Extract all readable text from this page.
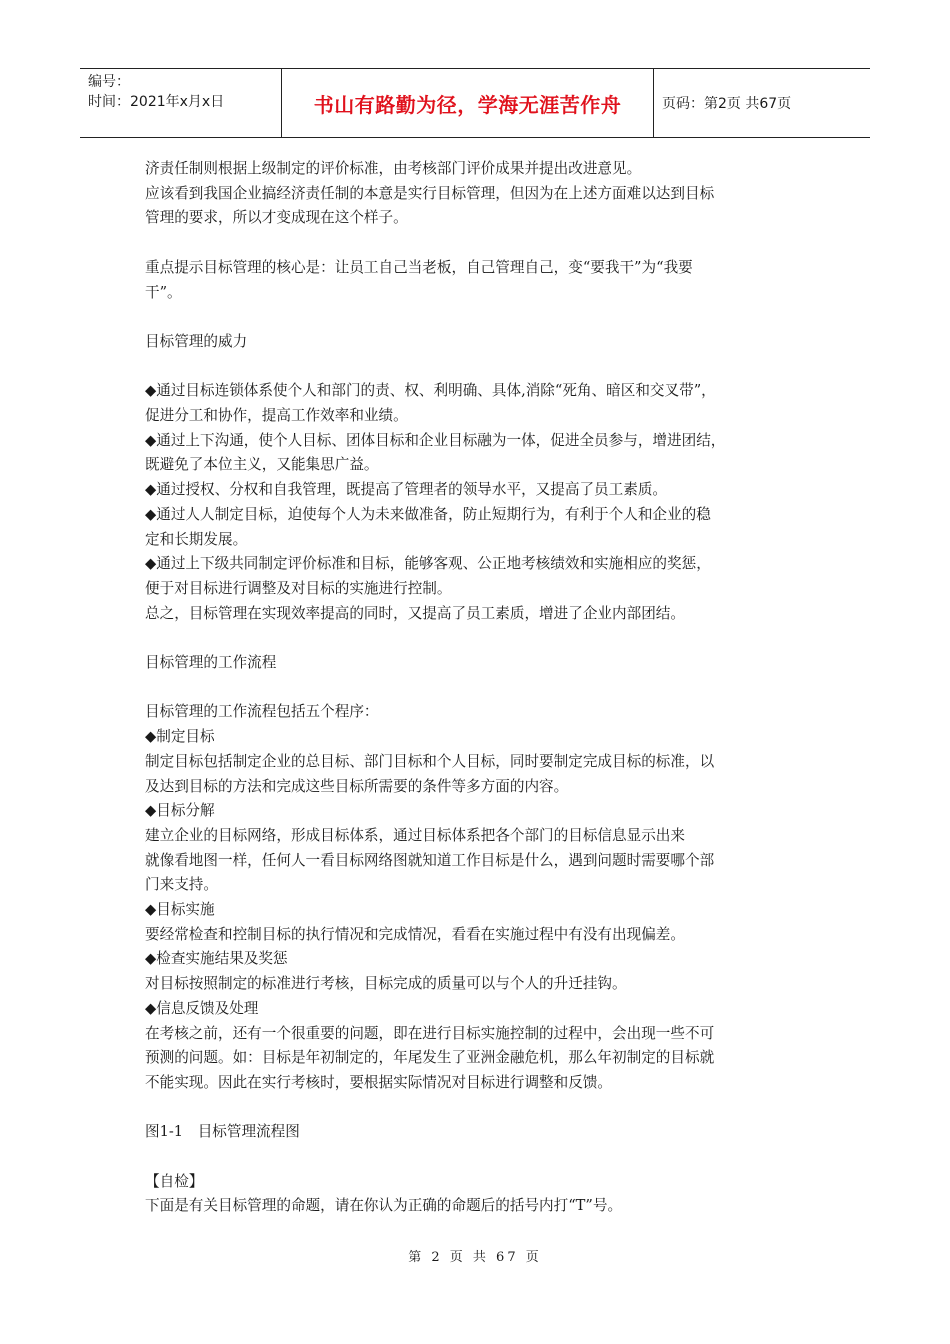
编号：
时间：2021年x月x日	书山有路勤为径，学海无涯苦作舟	页码：第2页 共67页

济责任制则根据上级制定的评价标准，由考核部门评价成果并提出改进意见。

应该看到我国企业搞经济责任制的本意是实行目标管理，但因为在上述方面难以达到目标

管理的要求，所以才变成现在这个样子。

重点提示目标管理的核心是：让员工自己当老板，自己管理自己，变“要我干”为“我要

干”。

目标管理的威力

◆通过目标连锁体系使个人和部门的责、权、利明确、具体,消除“死角、暗区和交叉带”，

促进分工和协作，提高工作效率和业绩。

◆通过上下沟通，使个人目标、团体目标和企业目标融为一体，促进全员参与，增进团结，

既避免了本位主义，又能集思广益。

◆通过授权、分权和自我管理，既提高了管理者的领导水平，又提高了员工素质。

◆通过人人制定目标，迫使每个人为未来做准备，防止短期行为，有利于个人和企业的稳

定和长期发展。

◆通过上下级共同制定评价标准和目标，能够客观、公正地考核绩效和实施相应的奖惩，

便于对目标进行调整及对目标的实施进行控制。

总之，目标管理在实现效率提高的同时，又提高了员工素质，增进了企业内部团结。

目标管理的工作流程

目标管理的工作流程包括五个程序：

◆制定目标

制定目标包括制定企业的总目标、部门目标和个人目标，同时要制定完成目标的标准，以

及达到目标的方法和完成这些目标所需要的条件等多方面的内容。

◆目标分解

建立企业的目标网络，形成目标体系，通过目标体系把各个部门的目标信息显示出来

就像看地图一样，任何人一看目标网络图就知道工作目标是什么，遇到问题时需要哪个部

门来支持。

◆目标实施

要经常检查和控制目标的执行情况和完成情况，看看在实施过程中有没有出现偏差。

◆检查实施结果及奖惩

对目标按照制定的标准进行考核，目标完成的质量可以与个人的升迁挂钩。

◆信息反馈及处理

在考核之前，还有一个很重要的问题，即在进行目标实施控制的过程中，会出现一些不可

预测的问题。如：目标是年初制定的，年尾发生了亚洲金融危机，那么年初制定的目标就

不能实现。因此在实行考核时，要根据实际情况对目标进行调整和反馈。

图1-1　目标管理流程图

【自检】

下面是有关目标管理的命题，请在你认为正确的命题后的括号内打“T”号。

第 2 页 共 67 页
